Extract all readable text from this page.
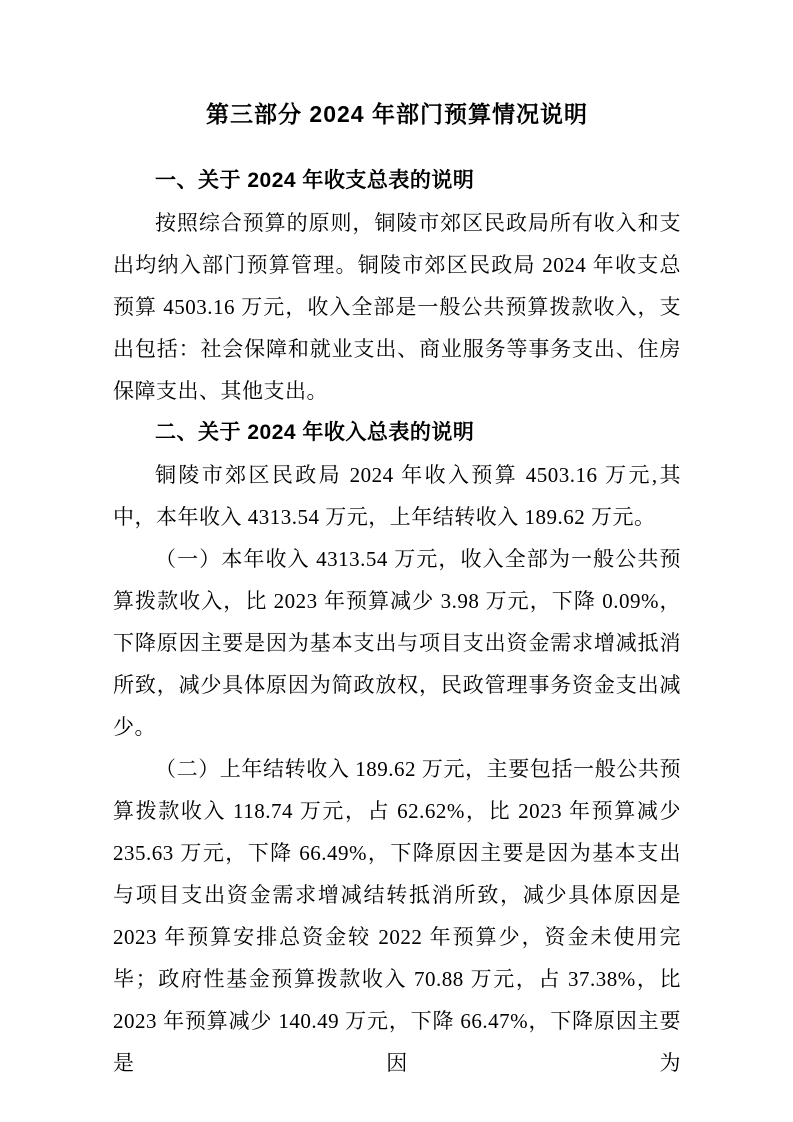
第三部分 2024 年部门预算情况说明
一、关于 2024 年收支总表的说明

按照综合预算的原则，铜陵市郊区民政局所有收入和支出均纳入部门预算管理。铜陵市郊区民政局 2024 年收支总预算 4503.16 万元，收入全部是一般公共预算拨款收入，支出包括：社会保障和就业支出、商业服务等事务支出、住房保障支出、其他支出。

二、关于 2024 年收入总表的说明

铜陵市郊区民政局 2024 年收入预算 4503.16 万元,其中，本年收入 4313.54 万元，上年结转收入 189.62 万元。

（一）本年收入 4313.54 万元，收入全部为一般公共预算拨款收入，比 2023 年预算减少 3.98 万元，下降 0.09%，下降原因主要是因为基本支出与项目支出资金需求增减抵消所致，减少具体原因为简政放权，民政管理事务资金支出减少。

（二）上年结转收入 189.62 万元，主要包括一般公共预算拨款收入 118.74 万元，占 62.62%，比 2023 年预算减少 235.63 万元，下降 66.49%，下降原因主要是因为基本支出与项目支出资金需求增减结转抵消所致，减少具体原因是 2023 年预算安排总资金较 2022 年预算少，资金未使用完毕；政府性基金预算拨款收入 70.88 万元，占 37.38%，比 2023 年预算减少 140.49 万元，下降 66.47%，下降原因主要是因为
